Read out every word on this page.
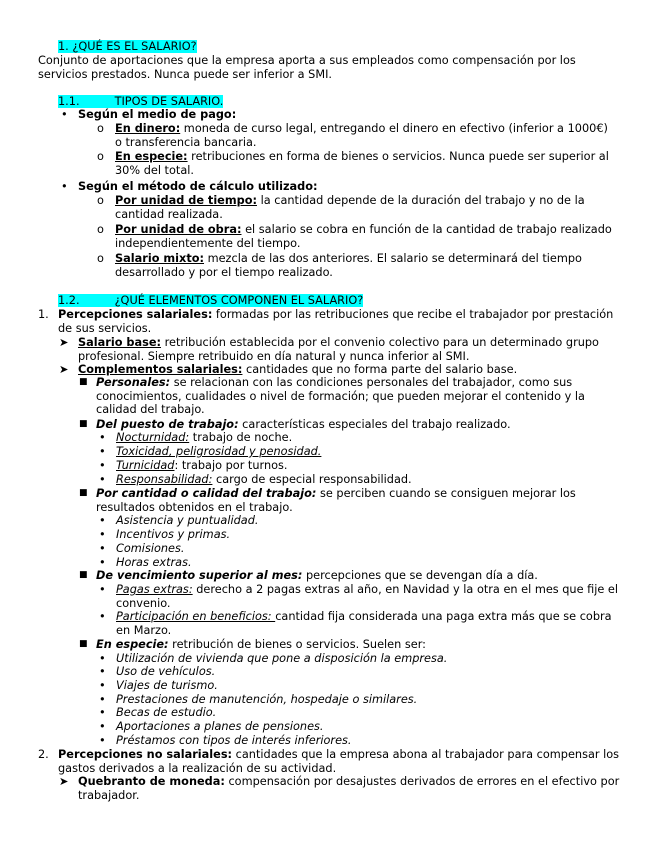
1. ¿QUÉ ES EL SALARIO?
Conjunto de aportaciones que la empresa aporta a sus empleados como compensación por los servicios prestados. Nunca puede ser inferior a SMI.
1.1.	TIPOS DE SALARIO.
• Según el medio de pago:
o En dinero: moneda de curso legal, entregando el dinero en efectivo (inferior a 1000€) o transferencia bancaria.
o En especie: retribuciones en forma de bienes o servicios. Nunca puede ser superior al 30% del total.
• Según el método de cálculo utilizado:
o Por unidad de tiempo: la cantidad depende de la duración del trabajo y no de la cantidad realizada.
o Por unidad de obra: el salario se cobra en función de la cantidad de trabajo realizado independientemente del tiempo.
o Salario mixto: mezcla de las dos anteriores. El salario se determinará del tiempo desarrollado y por el tiempo realizado.
1.2.	¿QUÉ ELEMENTOS COMPONEN EL SALARIO?
1. Percepciones salariales: formadas por las retribuciones que recibe el trabajador por prestación de sus servicios.
➤ Salario base: retribución establecida por el convenio colectivo para un determinado grupo profesional. Siempre retribuido en día natural y nunca inferior al SMI.
➤ Complementos salariales: cantidades que no forma parte del salario base.
■ Personales: se relacionan con las condiciones personales del trabajador, como sus conocimientos, cualidades o nivel de formación; que pueden mejorar el contenido y la calidad del trabajo.
■ Del puesto de trabajo: características especiales del trabajo realizado.
• Nocturnidad: trabajo de noche.
• Toxicidad, peligrosidad y penosidad.
• Turnicidad: trabajo por turnos.
• Responsabilidad: cargo de especial responsabilidad.
■ Por cantidad o calidad del trabajo: se perciben cuando se consiguen mejorar los resultados obtenidos en el trabajo.
• Asistencia y puntualidad.
• Incentivos y primas.
• Comisiones.
• Horas extras.
■ De vencimiento superior al mes: percepciones que se devengan día a día.
• Pagas extras: derecho a 2 pagas extras al año, en Navidad y la otra en el mes que fije el convenio.
• Participación en beneficios: cantidad fija considerada una paga extra más que se cobra en Marzo.
■ En especie: retribución de bienes o servicios. Suelen ser:
• Utilización de vivienda que pone a disposición la empresa.
• Uso de vehículos.
• Viajes de turismo.
• Prestaciones de manutención, hospedaje o similares.
• Becas de estudio.
• Aportaciones a planes de pensiones.
• Préstamos con tipos de interés inferiores.
2. Percepciones no salariales: cantidades que la empresa abona al trabajador para compensar los gastos derivados a la realización de su actividad.
➤ Quebranto de moneda: compensación por desajustes derivados de errores en el efectivo por trabajador.
